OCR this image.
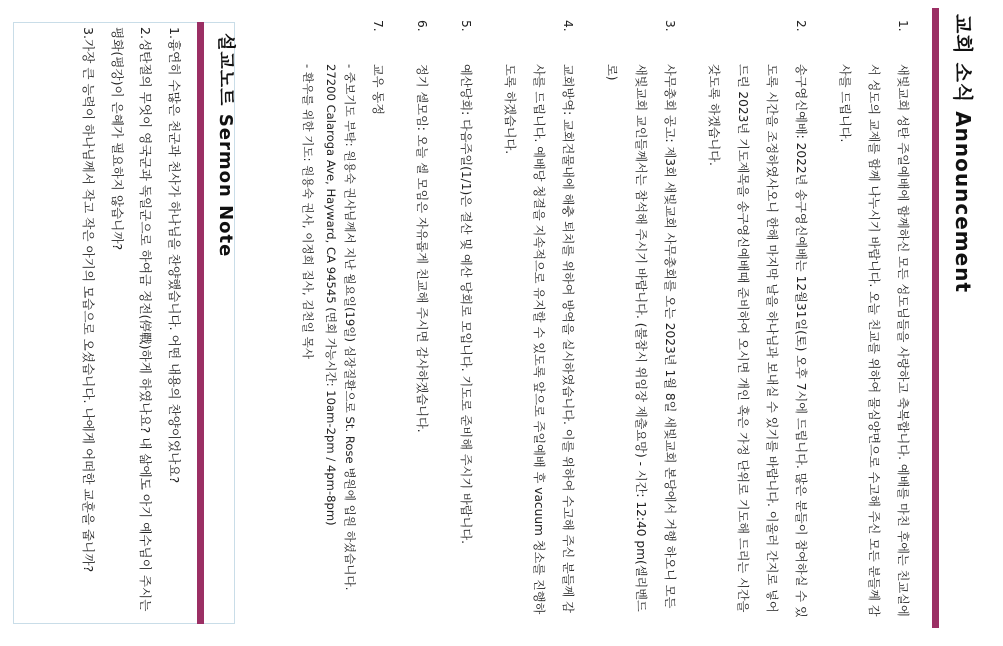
교회 소식 Announcement
1.
새빛교회 성탄 주일예배에 함께하신 모든 성도님들을 사랑하고 축복합니다. 예배를 마친 후에는 친교실에서 성도의 교제를 함께 나누시기 바랍니다. 오늘 친교를 위하여 물심양면으로 수고해 주신 모든 분들께 감사를 드립니다.
2.
송구영신예배: 2022년 송구영신예배는 12월31일(토) 오후 7시에 드립니다. 많은 분들이 참여하실 수 있도록 시간을 조정하였사오니 한해 마지막 날을 하나님과 보내실 수 있기를 바랍니다. 이울러 간지로 넣어드린 2023년 기도제목을 송구영신예배때 준비하여 오시면 개인 혹은 가정 단위로 기도해 드리는 시간을 갖도록 하겠습니다.
3.
사무총회 공고: 제3회 새빛교회 사무총회를 오는 2023년 1월 8일 새빛교회 본당에서 거행 하오니 모든 새빛교회 교인들께서는 참석해 주시기 바랍니다. (불참시 위임장 제출요망) - 시간: 12:40 pm(셀리벤드로)
4.
교회방역: 교회건물내에 해충 퇴치를 위하여 방역을 실시하였습니다. 이를 위하여 수고해 주신 분들께 감사를 드립니다. 예배당 청결을 지속적으로 유지할 수 있도록 앞으로 주일예배 후 vacuum 청소를 진행하도록 하겠습니다.
5.
예산당회: 다음주일(1/1)은 결산 및 예산 당회로 모입니다. 기도로 준비해 주시기 바랍니다.
6.
정기 셀모임: 오늘 셀 모임은 자유롭게 친교해 주시면 감사하겠습니다.
7.
교우 동정
- 중보기도 부탁: 원용숙 권사님께서 지난 월요일(19일) 심장질환으로 St. Rose 병원에 입원 하셨습니다. 27200 Calaroga Ave, Hayward, CA 94545 (면회 가능시간: 10am-2pm / 4pm-8pm)
- 환우를 위한 기도: 원용숙 권사, 이정희 집사, 김천일 목사
설교노트 Sermon Note
1.흉연히 수많은 천군과 천사가 하나님을 찬양했습니다. 어떤 내용의 찬양이었나요?
2.성탄절의 무엇이 영국군과 독일군으로 하여금 정전(停戰)하게 하였나요? 내 삶에도 아기 예수님이 주시는 평화(평강)이 은혜가 필요하지 않습니까?
3.가장 큰 능력이 하나님께서 작고 작은 아기의 모습으로 오셨습니다. 나에게 어떠한 교훈을 줍니까?
